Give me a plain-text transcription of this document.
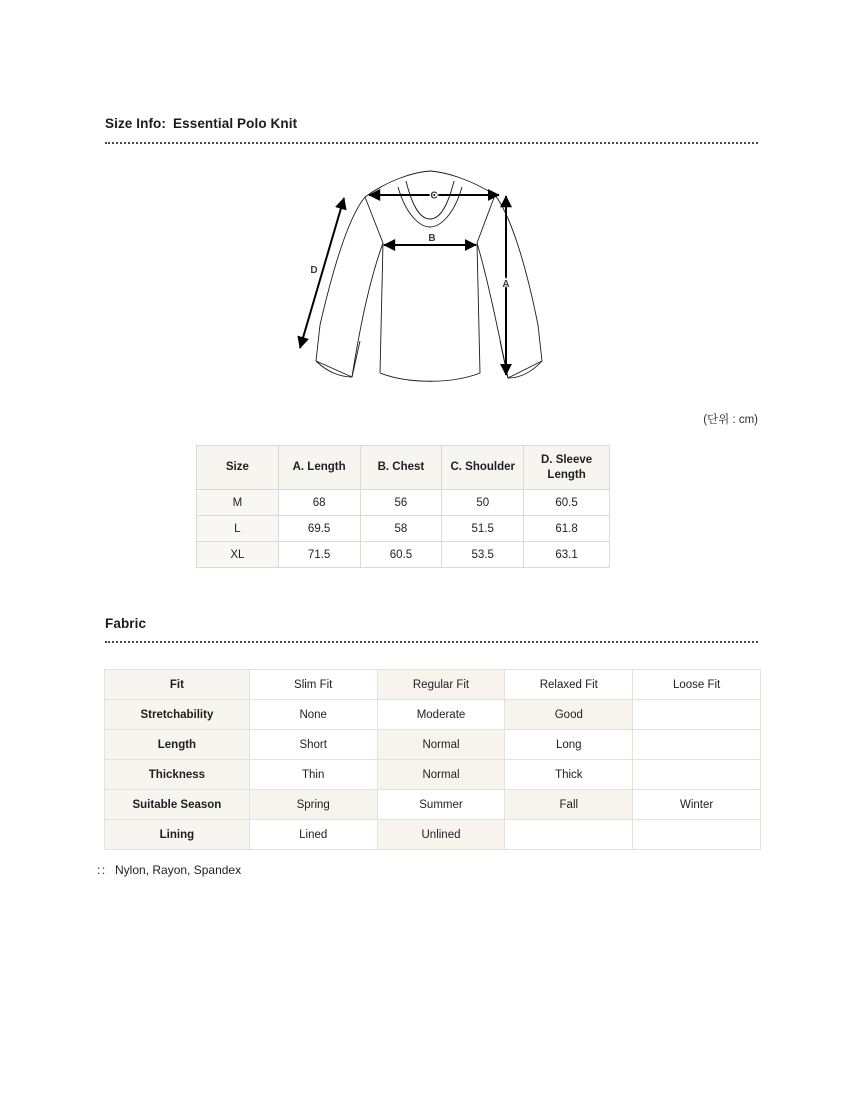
Size Info: Essential Polo Knit
C
B
A
D
(단위 : cm)
Size	A. Length	B. Chest	C. Shoulder	D. Sleeve Length
M	68	56	50	60.5
L	69.5	58	51.5	61.8
XL	71.5	60.5	53.5	63.1
Fabric
Fit	Slim Fit	Regular Fit	Relaxed Fit	Loose Fit
Stretchability	None	Moderate	Good	
Length	Short	Normal	Long	
Thickness	Thin	Normal	Thick	
Suitable Season	Spring	Summer	Fall	Winter
Lining	Lined	Unlined		
:: Nylon, Rayon, Spandex
